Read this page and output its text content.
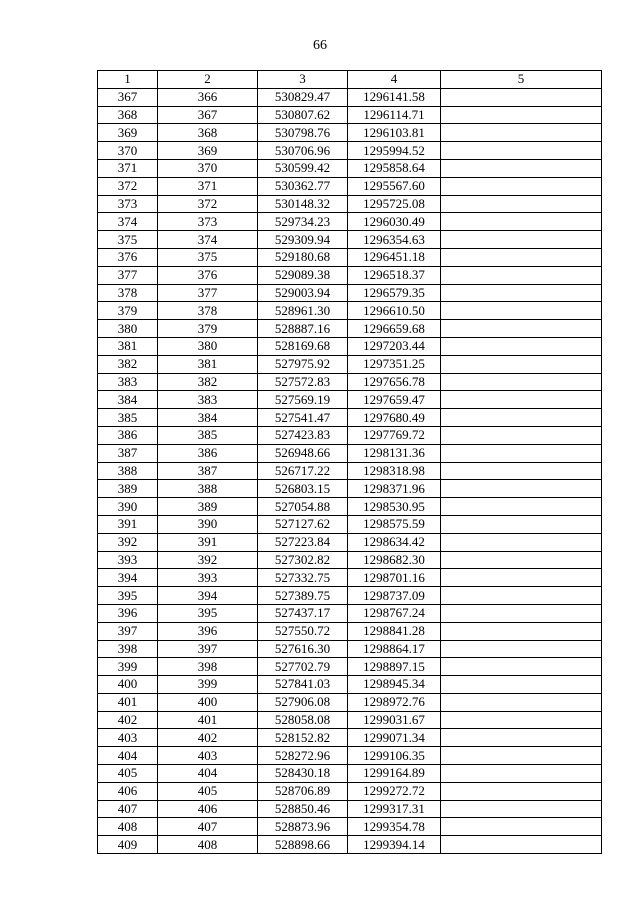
66
1	2	3	4	5
367	366	530829.47	1296141.58	
368	367	530807.62	1296114.71	
369	368	530798.76	1296103.81	
370	369	530706.96	1295994.52	
371	370	530599.42	1295858.64	
372	371	530362.77	1295567.60	
373	372	530148.32	1295725.08	
374	373	529734.23	1296030.49	
375	374	529309.94	1296354.63	
376	375	529180.68	1296451.18	
377	376	529089.38	1296518.37	
378	377	529003.94	1296579.35	
379	378	528961.30	1296610.50	
380	379	528887.16	1296659.68	
381	380	528169.68	1297203.44	
382	381	527975.92	1297351.25	
383	382	527572.83	1297656.78	
384	383	527569.19	1297659.47	
385	384	527541.47	1297680.49	
386	385	527423.83	1297769.72	
387	386	526948.66	1298131.36	
388	387	526717.22	1298318.98	
389	388	526803.15	1298371.96	
390	389	527054.88	1298530.95	
391	390	527127.62	1298575.59	
392	391	527223.84	1298634.42	
393	392	527302.82	1298682.30	
394	393	527332.75	1298701.16	
395	394	527389.75	1298737.09	
396	395	527437.17	1298767.24	
397	396	527550.72	1298841.28	
398	397	527616.30	1298864.17	
399	398	527702.79	1298897.15	
400	399	527841.03	1298945.34	
401	400	527906.08	1298972.76	
402	401	528058.08	1299031.67	
403	402	528152.82	1299071.34	
404	403	528272.96	1299106.35	
405	404	528430.18	1299164.89	
406	405	528706.89	1299272.72	
407	406	528850.46	1299317.31	
408	407	528873.96	1299354.78	
409	408	528898.66	1299394.14	
